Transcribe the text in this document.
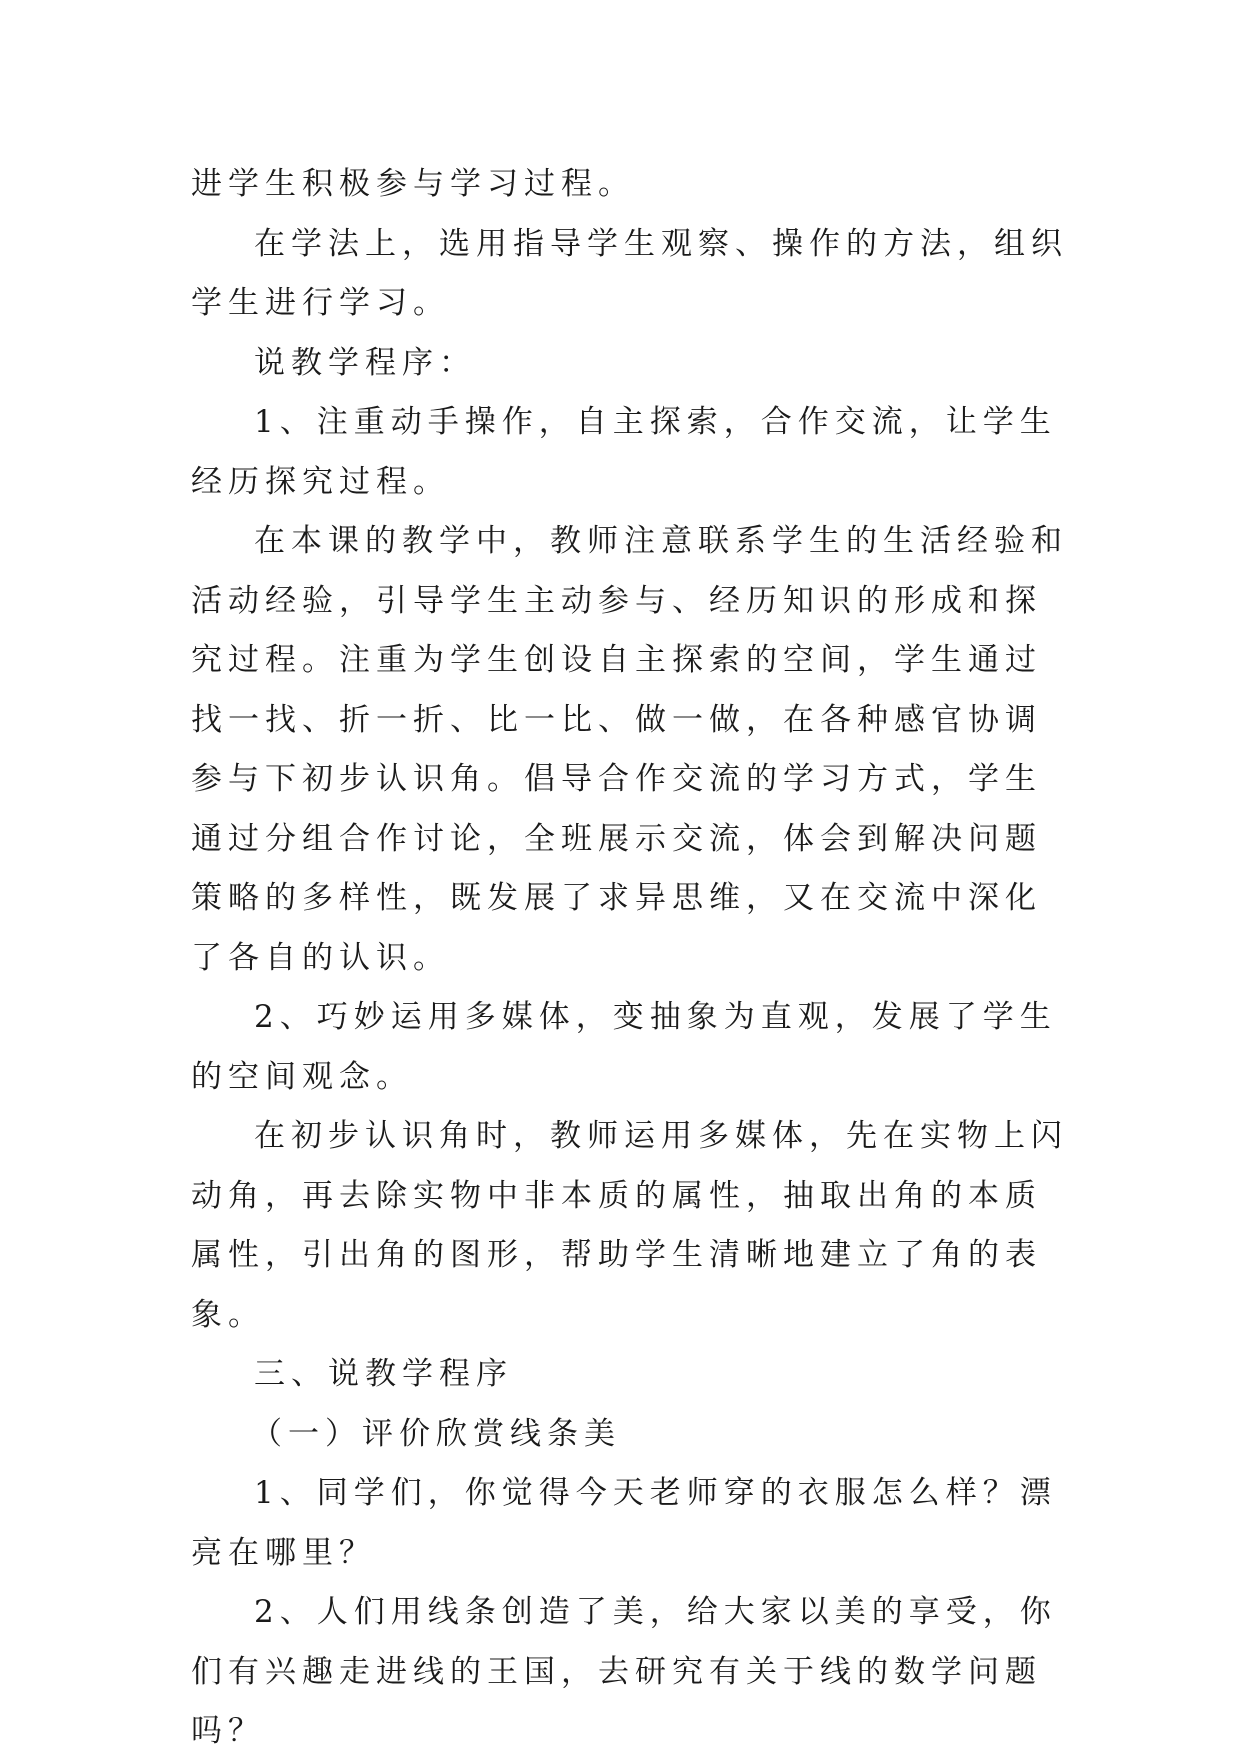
进学生积极参与学习过程。

在学法上，选用指导学生观察、操作的方法，组织学生进行学习。

说教学程序：

1、注重动手操作，自主探索，合作交流，让学生经历探究过程。

在本课的教学中，教师注意联系学生的生活经验和活动经验，引导学生主动参与、经历知识的形成和探究过程。注重为学生创设自主探索的空间，学生通过找一找、折一折、比一比、做一做，在各种感官协调参与下初步认识角。倡导合作交流的学习方式，学生通过分组合作讨论，全班展示交流，体会到解决问题策略的多样性，既发展了求异思维，又在交流中深化了各自的认识。

2、巧妙运用多媒体，变抽象为直观，发展了学生的空间观念。

在初步认识角时，教师运用多媒体，先在实物上闪动角，再去除实物中非本质的属性，抽取出角的本质属性，引出角的图形，帮助学生清晰地建立了角的表象。

三、说教学程序

（一）评价欣赏线条美

1、同学们，你觉得今天老师穿的衣服怎么样？漂亮在哪里？

2、人们用线条创造了美，给大家以美的享受，你们有兴趣走进线的王国，去研究有关于线的数学问题吗？
